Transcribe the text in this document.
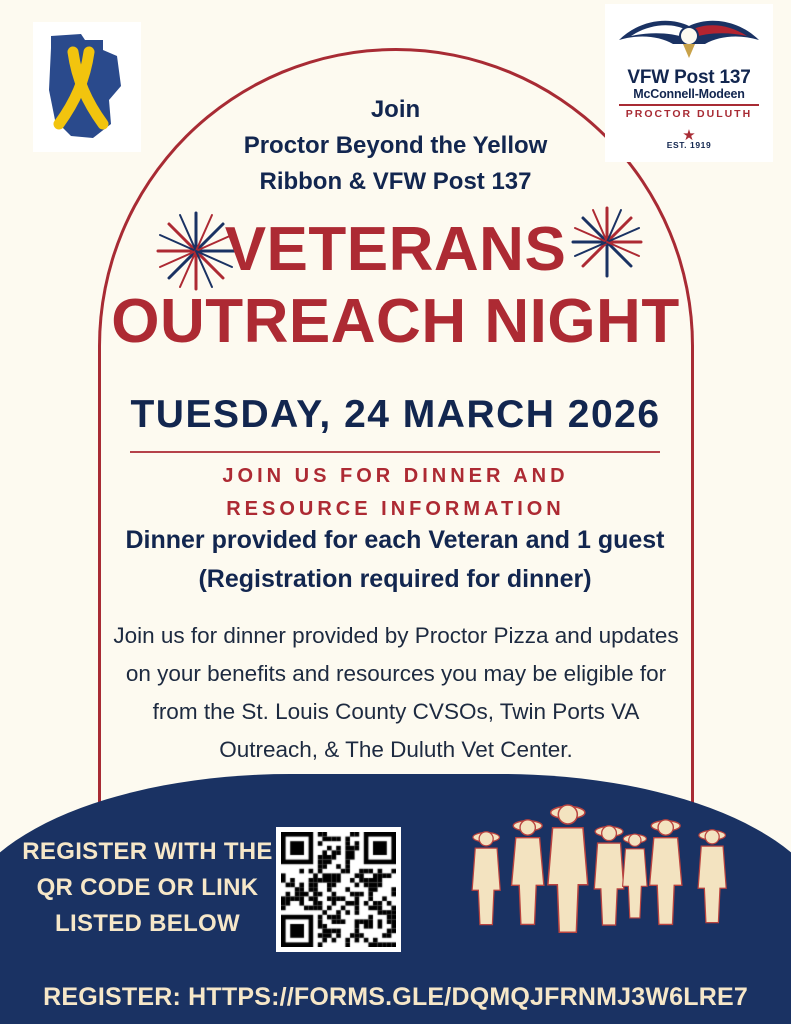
VFW Post 137
McConnell-Modeen
PROCTOR DULUTH
★
EST. 1919
Join
Proctor Beyond the Yellow
Ribbon & VFW Post 137
VETERANS
OUTREACH NIGHT
TUESDAY, 24 MARCH 2026
JOIN US FOR DINNER AND
RESOURCE INFORMATION
Dinner provided for each Veteran and 1 guest (Registration required for dinner)
Join us for dinner provided by Proctor Pizza and updates on your benefits and resources you may be eligible for from the St. Louis County CVSOs, Twin Ports VA Outreach, & The Duluth Vet Center.
REGISTER WITH THE
QR CODE OR LINK
LISTED BELOW
REGISTER: HTTPS://FORMS.GLE/DQMQJFRNMJ3W6LRE7
